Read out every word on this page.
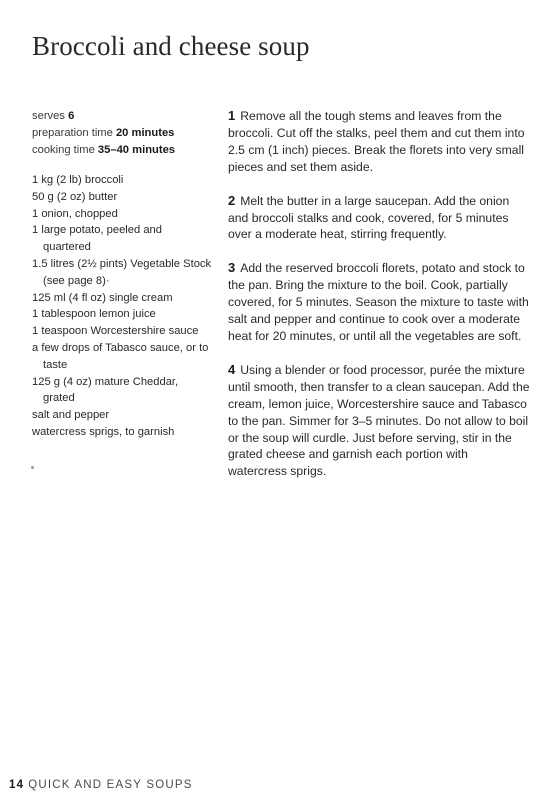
Broccoli and cheese soup
serves 6
preparation time 20 minutes
cooking time 35–40 minutes
1 kg (2 lb) broccoli
50 g (2 oz) butter
1 onion, chopped
1 large potato, peeled and quartered
1.5 litres (2½ pints) Vegetable Stock (see page 8)·
125 ml (4 fl oz) single cream
1 tablespoon lemon juice
1 teaspoon Worcestershire sauce
a few drops of Tabasco sauce, or to taste
125 g (4 oz) mature Cheddar, grated
salt and pepper
watercress sprigs, to garnish

1 Remove all the tough stems and leaves from the broccoli. Cut off the stalks, peel them and cut them into 2.5 cm (1 inch) pieces. Break the florets into very small pieces and set them aside.

2 Melt the butter in a large saucepan. Add the onion and broccoli stalks and cook, covered, for 5 minutes over a moderate heat, stirring frequently.

3 Add the reserved broccoli florets, potato and stock to the pan. Bring the mixture to the boil. Cook, partially covered, for 5 minutes. Season the mixture to taste with salt and pepper and continue to cook over a moderate heat for 20 minutes, or until all the vegetables are soft.

4 Using a blender or food processor, purée the mixture until smooth, then transfer to a clean saucepan. Add the cream, lemon juice, Worcestershire sauce and Tabasco to the pan. Simmer for 3–5 minutes. Do not allow to boil or the soup will curdle. Just before serving, stir in the grated cheese and garnish each portion with watercress sprigs.

14 QUICK AND EASY SOUPS
